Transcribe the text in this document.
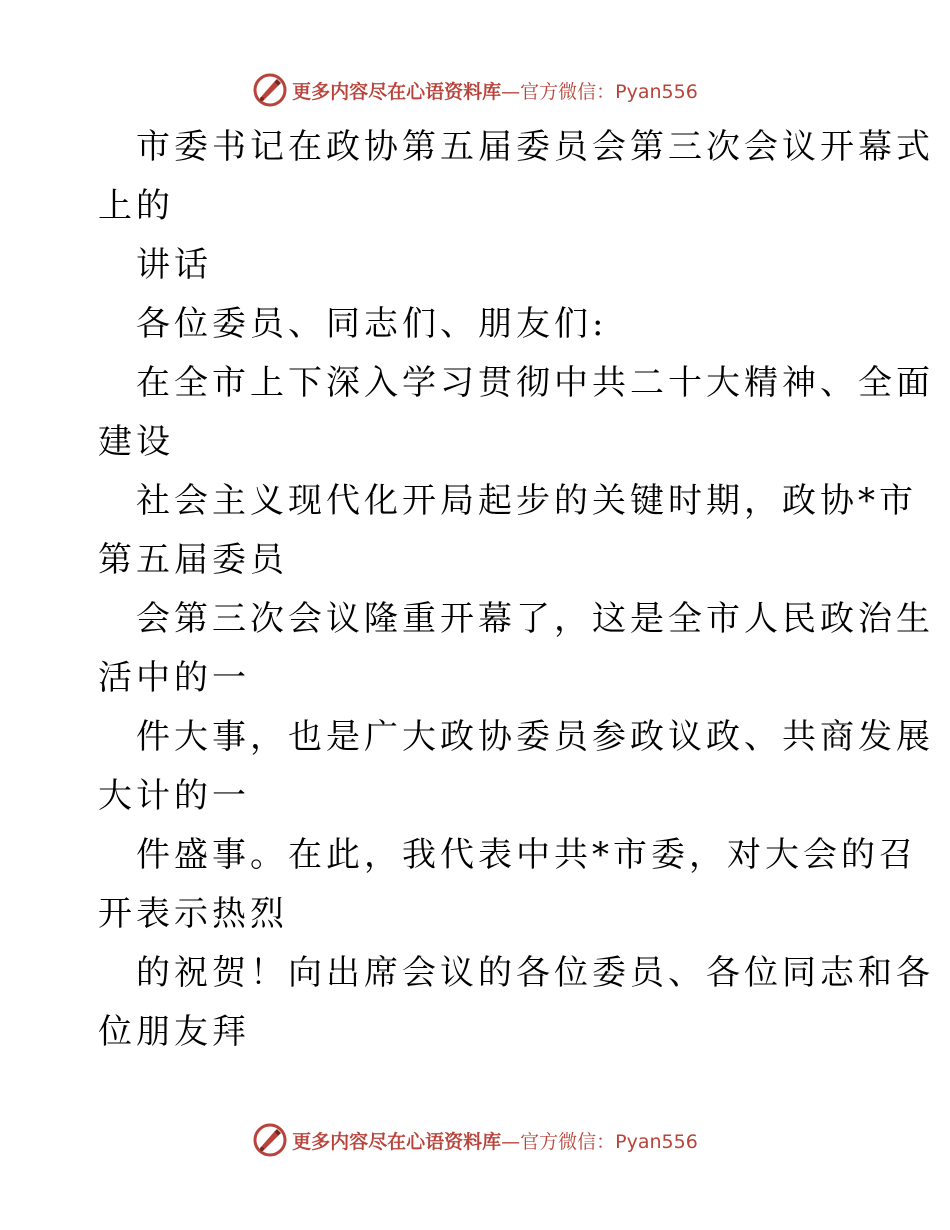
更多内容尽在心语资料库 —官方微信：Pyan556
市委书记在政协第五届委员会第三次会议开幕式
上的
讲话
各位委员、同志们、朋友们:
在全市上下深入学习贯彻中共二十大精神、全面
建设
社会主义现代化开局起步的关键时期，政协*市
第五届委员
会第三次会议隆重开幕了，这是全市人民政治生
活中的一
件大事，也是广大政协委员参政议政、共商发展
大计的一
件盛事。在此，我代表中共*市委，对大会的召
开表示热烈
的祝贺！向出席会议的各位委员、各位同志和各
位朋友拜
更多内容尽在心语资料库 —官方微信：Pyan556
